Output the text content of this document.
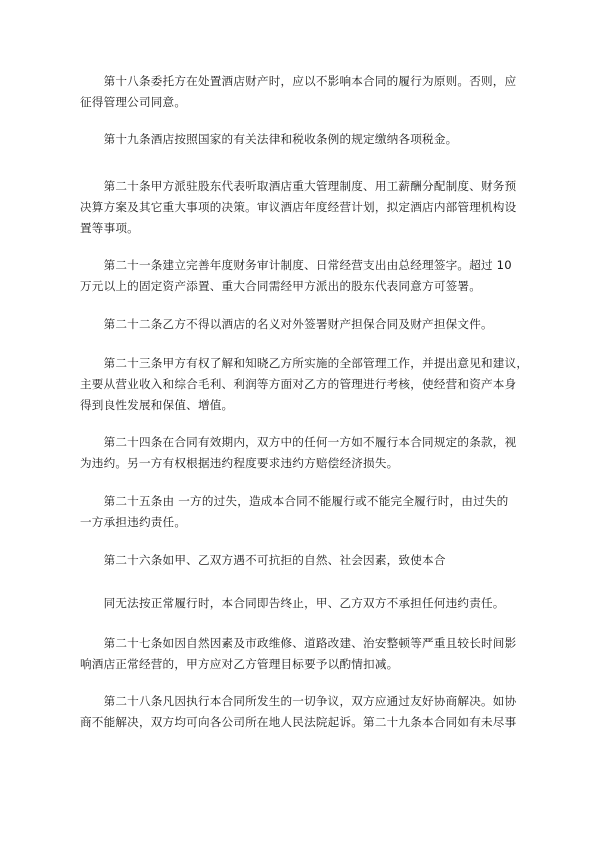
　　第十八条委托方在处置酒店财产时，应以不影响本合同的履行为原则。否则，应
征得管理公司同意。

　　第十九条酒店按照国家的有关法律和税收条例的规定缴纳各项税金。

　　第二十条甲方派驻股东代表听取酒店重大管理制度、用工薪酬分配制度、财务预
决算方案及其它重大事项的决策。审议酒店年度经营计划，拟定酒店内部管理机构设
置等事项。

　　第二十一条建立完善年度财务审计制度、日常经营支出由总经理签字。超过 10
万元以上的固定资产添置、重大合同需经甲方派出的股东代表同意方可签署。

　　第二十二条乙方不得以酒店的名义对外签署财产担保合同及财产担保文件。

　　第二十三条甲方有权了解和知晓乙方所实施的全部管理工作，并提出意见和建议，
主要从营业收入和综合毛利、利润等方面对乙方的管理进行考核，使经营和资产本身
得到良性发展和保值、增值。

　　第二十四条在合同有效期内，双方中的任何一方如不履行本合同规定的条款，视
为违约。另一方有权根据违约程度要求违约方赔偿经济损失。

　　第二十五条由 一方的过失，造成本合同不能履行或不能完全履行时，由过失的
一方承担违约责任。

　　第二十六条如甲、乙双方遇不可抗拒的自然、社会因素，致使本合

　　同无法按正常履行时，本合同即告终止，甲、乙方双方不承担任何违约责任。

　　第二十七条如因自然因素及市政维修、道路改建、治安整顿等严重且较长时间影
响酒店正常经营的，甲方应对乙方管理目标要予以酌情扣减。

　　第二十八条凡因执行本合同所发生的一切争议，双方应通过友好协商解决。如协
商不能解决，双方均可向各公司所在地人民法院起诉。第二十九条本合同如有未尽事
